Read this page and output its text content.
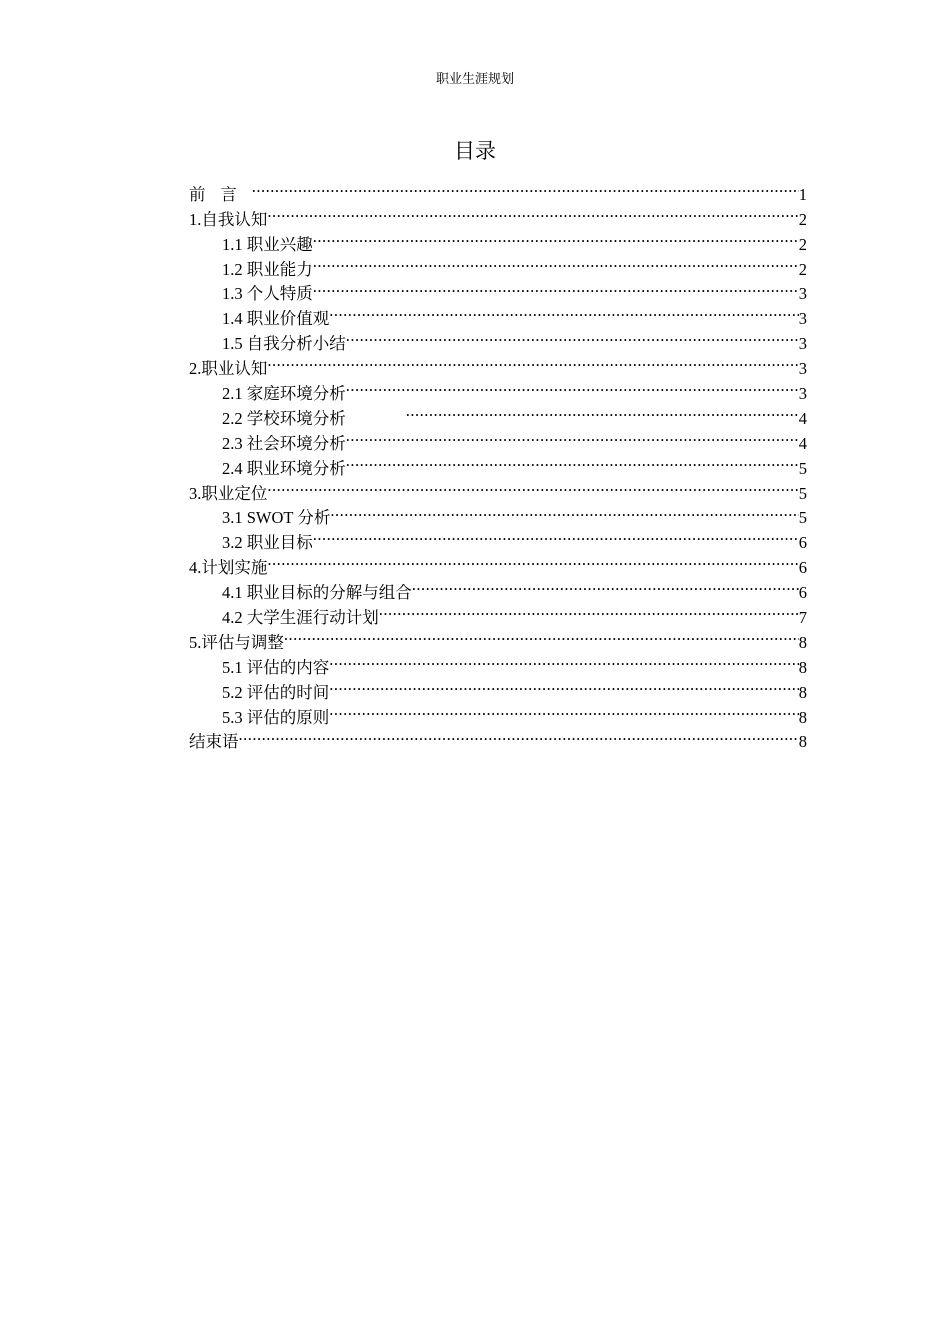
职业生涯规划
目录
前言 .....	1
1.自我认知 .....	2
1.1 职业兴趣 .....	2
1.2 职业能力 .....	2
1.3 个人特质 .....	3
1.4 职业价值观 .....	3
1.5 自我分析小结 .....	3
2.职业认知 .....	3
2.1 家庭环境分析 .....	3
2.2 学校环境分析 .....	4
2.3 社会环境分析 .....	4
2.4 职业环境分析 .....	5
3.职业定位 .....	5
3.1 SWOT 分析 .....	5
3.2 职业目标 .....	6
4.计划实施 .....	6
4.1 职业目标的分解与组合 .....	6
4.2 大学生涯行动计划 .....	7
5.评估与调整 .....	8
5.1 评估的内容 .....	8
5.2 评估的时间 .....	8
5.3 评估的原则 .....	8
结束语 .....	8
